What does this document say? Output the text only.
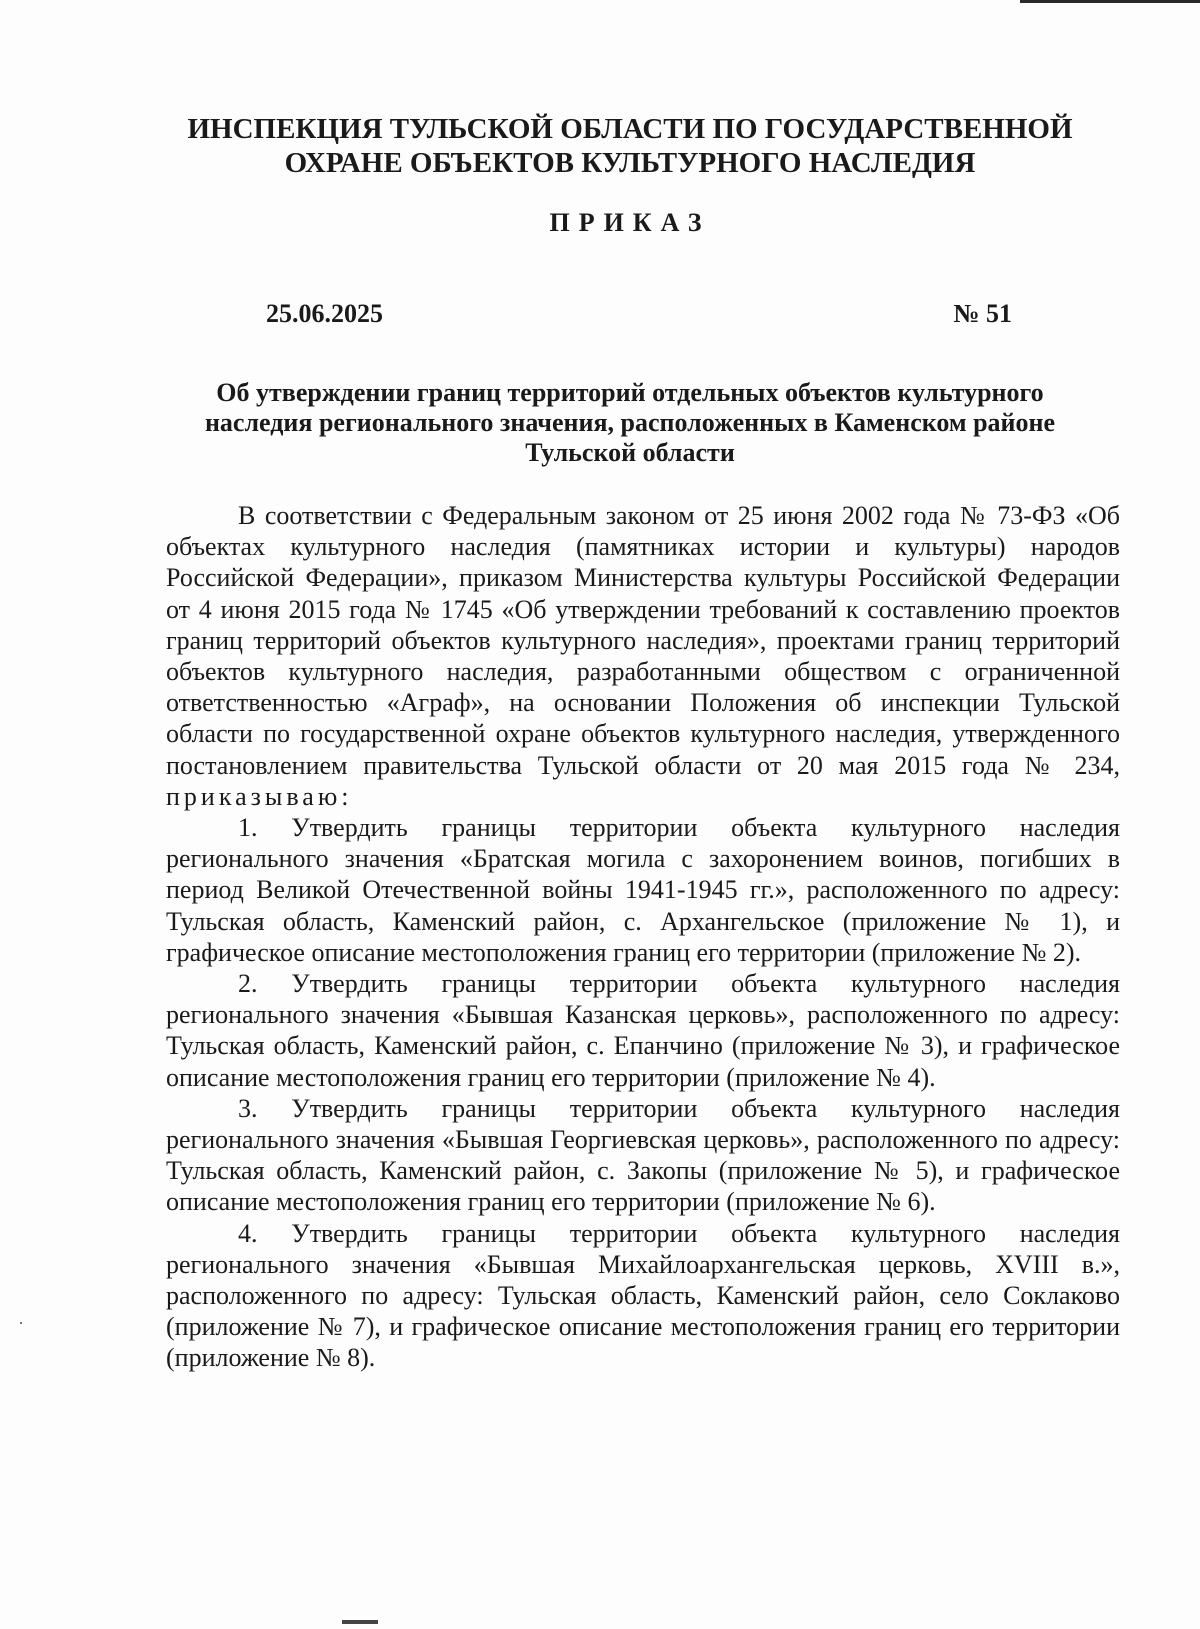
ИНСПЕКЦИЯ ТУЛЬСКОЙ ОБЛАСТИ ПО ГОСУДАРСТВЕННОЙ
ОХРАНЕ ОБЪЕКТОВ КУЛЬТУРНОГО НАСЛЕДИЯ
ПРИКАЗ
25.06.2025	№ 51
Об утверждении границ территорий отдельных объектов культурного
наследия регионального значения, расположенных в Каменском районе
Тульской области

В соответствии с Федеральным законом от 25 июня 2002 года № 73-ФЗ «Об объектах культурного наследия (памятниках истории и культуры) народов Российской Федерации», приказом Министерства культуры Российской Федерации от 4 июня 2015 года № 1745 «Об утверждении требований к составлению проектов границ территорий объектов культурного наследия», проектами границ территорий объектов культурного наследия, разработанными обществом с ограниченной ответственностью «Аграф», на основании Положения об инспекции Тульской области по государственной охране объектов культурного наследия, утвержденного постановлением правительства Тульской области от 20 мая 2015 года № 234, приказываю:

1. Утвердить границы территории объекта культурного наследия регионального значения «Братская могила с захоронением воинов, погибших в период Великой Отечественной войны 1941-1945 гг.», расположенного по адресу: Тульская область, Каменский район, с. Архангельское (приложение № 1), и графическое описание местоположения границ его территории (приложение № 2).

2. Утвердить границы территории объекта культурного наследия регионального значения «Бывшая Казанская церковь», расположенного по адресу: Тульская область, Каменский район, с. Епанчино (приложение № 3), и графическое описание местоположения границ его территории (приложение № 4).

3. Утвердить границы территории объекта культурного наследия регионального значения «Бывшая Георгиевская церковь», расположенного по адресу: Тульская область, Каменский район, с. Закопы (приложение № 5), и графическое описание местоположения границ его территории (приложение № 6).

4. Утвердить границы территории объекта культурного наследия регионального значения «Бывшая Михайлоархангельская церковь, XVIII в.», расположенного по адресу: Тульская область, Каменский район, село Соклаково (приложение № 7), и графическое описание местоположения границ его территории (приложение № 8).
